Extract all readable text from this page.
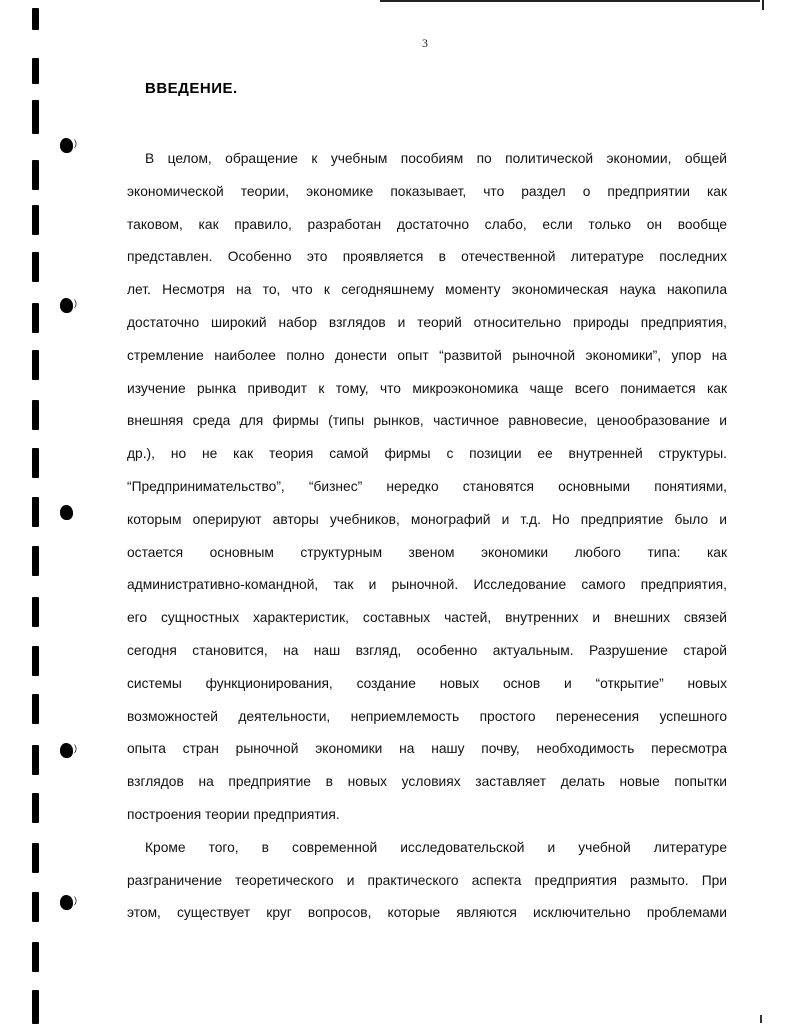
)
)
)
)
3
ВВЕДЕНИЕ.
В целом, обращение к учебным пособиям по политической экономии, общей
экономической теории, экономике показывает, что раздел о предприятии как
таковом, как правило, разработан достаточно слабо, если только он вообще
представлен. Особенно это проявляется в отечественной литературе последних
лет. Несмотря на то, что к сегодняшнему моменту экономическая наука накопила
достаточно широкий набор взглядов и теорий относительно природы предприятия,
стремление наиболее полно донести опыт “развитой рыночной экономики”, упор на
изучение рынка приводит к тому, что микроэкономика чаще всего понимается как
внешняя среда для фирмы (типы рынков, частичное равновесие, ценообразование и
др.), но не как теория самой фирмы с позиции ее внутренней структуры.
“Предпринимательство”, “бизнес” нередко становятся основными понятиями,
которым оперируют авторы учебников, монографий и т.д. Но предприятие было и
остается основным структурным звеном экономики любого типа: как
административно-командной, так и рыночной. Исследование самого предприятия,
его сущностных характеристик, составных частей, внутренних и внешних связей
сегодня становится, на наш взгляд, особенно актуальным. Разрушение старой
системы функционирования, создание новых основ и “открытие” новых
возможностей деятельности, неприемлемость простого перенесения успешного
опыта стран рыночной экономики на нашу почву, необходимость пересмотра
взглядов на предприятие в новых условиях заставляет делать новые попытки
построения теории предприятия.
Кроме того, в современной исследовательской и учебной литературе
разграничение теоретического и практического аспекта предприятия размыто. При
этом, существует круг вопросов, которые являются исключительно проблемами
